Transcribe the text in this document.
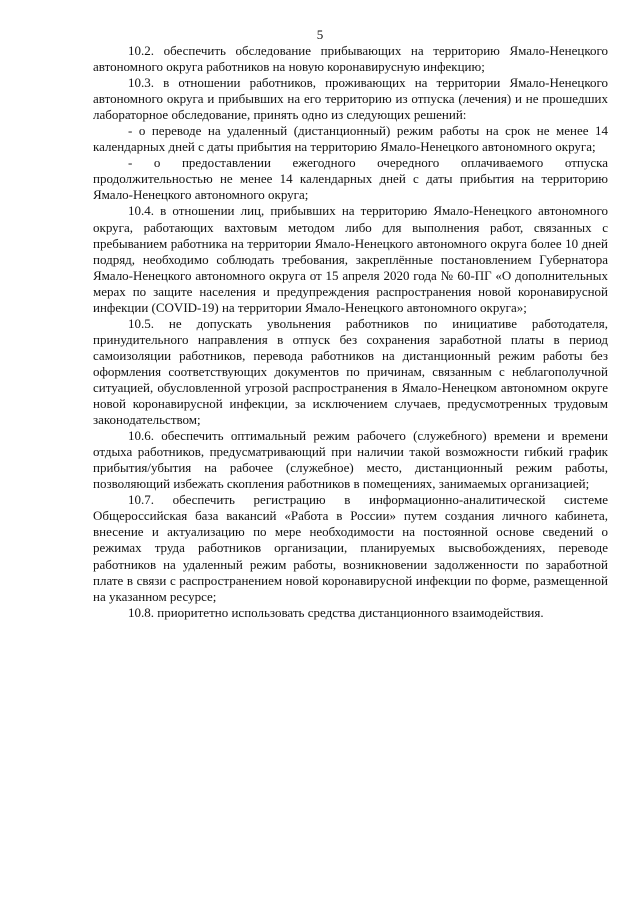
5

10.2. обеспечить обследование прибывающих на территорию Ямало-Ненецкого автономного округа работников на новую коронавирусную инфекцию;

10.3. в отношении работников, проживающих на территории Ямало-Ненецкого автономного округа и прибывших на его территорию из отпуска (лечения) и не прошедших лабораторное обследование, принять одно из следующих решений:

- о переводе на удаленный (дистанционный) режим работы на срок не менее 14 календарных дней с даты прибытия на территорию Ямало-Ненецкого автономного округа;

- о предоставлении ежегодного очередного оплачиваемого отпуска продолжительностью не менее 14 календарных дней с даты прибытия на территорию Ямало-Ненецкого автономного округа;

10.4. в отношении лиц, прибывших на территорию Ямало-Ненецкого автономного округа, работающих вахтовым методом либо для выполнения работ, связанных с пребыванием работника на территории Ямало-Ненецкого автономного округа более 10 дней подряд, необходимо соблюдать требования, закреплённые постановлением Губернатора Ямало-Ненецкого автономного округа от 15 апреля 2020 года № 60-ПГ «О дополнительных мерах по защите населения и предупреждения распространения новой коронавирусной инфекции (COVID-19) на территории Ямало-Ненецкого автономного округа»;

10.5. не допускать увольнения работников по инициативе работодателя, принудительного направления в отпуск без сохранения заработной платы в период самоизоляции работников, перевода работников на дистанционный режим работы без оформления соответствующих документов по причинам, связанным с неблагополучной ситуацией, обусловленной угрозой распространения в Ямало-Ненецком автономном округе новой коронавирусной инфекции, за исключением случаев, предусмотренных трудовым законодательством;

10.6. обеспечить оптимальный режим рабочего (служебного) времени и времени отдыха работников, предусматривающий при наличии такой возможности гибкий график прибытия/убытия на рабочее (служебное) место, дистанционный режим работы, позволяющий избежать скопления работников в помещениях, занимаемых организацией;

10.7. обеспечить регистрацию в информационно-аналитической системе Общероссийская база вакансий «Работа в России» путем создания личного кабинета, внесение и актуализацию по мере необходимости на постоянной основе сведений о режимах труда работников организации, планируемых высвобождениях, переводе работников на удаленный режим работы, возникновении задолженности по заработной плате в связи с распространением новой коронавирусной инфекции по форме, размещенной на указанном ресурсе;

10.8. приоритетно использовать средства дистанционного взаимодействия.
